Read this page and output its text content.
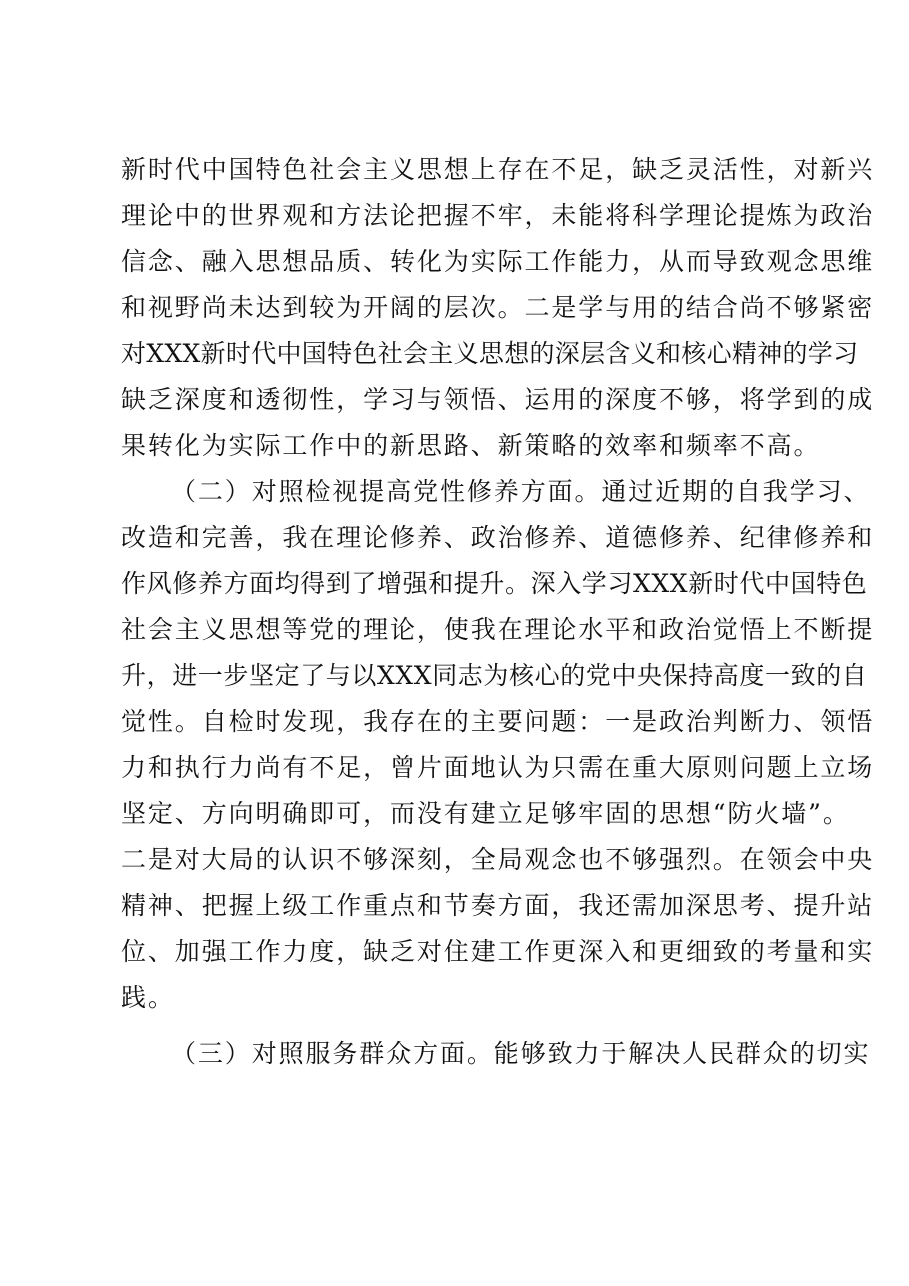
新时代中国特色社会主义思想上存在不足，缺乏灵活性，对新兴
理论中的世界观和方法论把握不牢，未能将科学理论提炼为政治
信念、融入思想品质、转化为实际工作能力，从而导致观念思维
和视野尚未达到较为开阔的层次。二是学与用的结合尚不够紧密
对XXX新时代中国特色社会主义思想的深层含义和核心精神的学习
缺乏深度和透彻性，学习与领悟、运用的深度不够，将学到的成
果转化为实际工作中的新思路、新策略的效率和频率不高。
（二）对照检视提高党性修养方面。通过近期的自我学习、
改造和完善，我在理论修养、政治修养、道德修养、纪律修养和
作风修养方面均得到了增强和提升。深入学习XXX新时代中国特色
社会主义思想等党的理论，使我在理论水平和政治觉悟上不断提
升，进一步坚定了与以XXX同志为核心的党中央保持高度一致的自
觉性。自检时发现，我存在的主要问题：一是政治判断力、领悟
力和执行力尚有不足，曾片面地认为只需在重大原则问题上立场
坚定、方向明确即可，而没有建立足够牢固的思想“防火墙”。
二是对大局的认识不够深刻，全局观念也不够强烈。在领会中央
精神、把握上级工作重点和节奏方面，我还需加深思考、提升站
位、加强工作力度，缺乏对住建工作更深入和更细致的考量和实
践。
（三）对照服务群众方面。能够致力于解决人民群众的切实
